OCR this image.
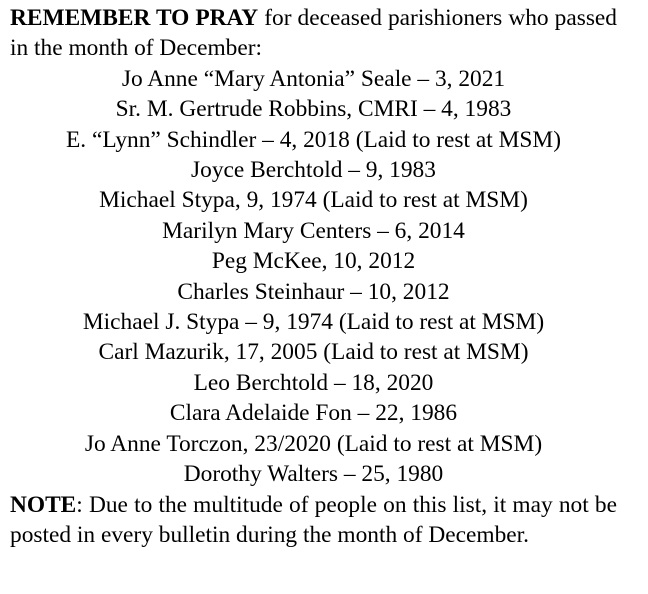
REMEMBER TO PRAY for deceased parishioners who passed in the month of December:

Jo Anne “Mary Antonia” Seale – 3, 2021
Sr. M. Gertrude Robbins, CMRI – 4, 1983
E. “Lynn” Schindler – 4, 2018 (Laid to rest at MSM)
Joyce Berchtold – 9, 1983
Michael Stypa, 9, 1974 (Laid to rest at MSM)
Marilyn Mary Centers – 6, 2014
Peg McKee, 10, 2012
Charles Steinhaur – 10, 2012
Michael J. Stypa – 9, 1974 (Laid to rest at MSM)
Carl Mazurik, 17, 2005 (Laid to rest at MSM)
Leo Berchtold – 18, 2020
Clara Adelaide Fon – 22, 1986
Jo Anne Torczon, 23/2020 (Laid to rest at MSM)
Dorothy Walters – 25, 1980

NOTE: Due to the multitude of people on this list, it may not be posted in every bulletin during the month of December.
